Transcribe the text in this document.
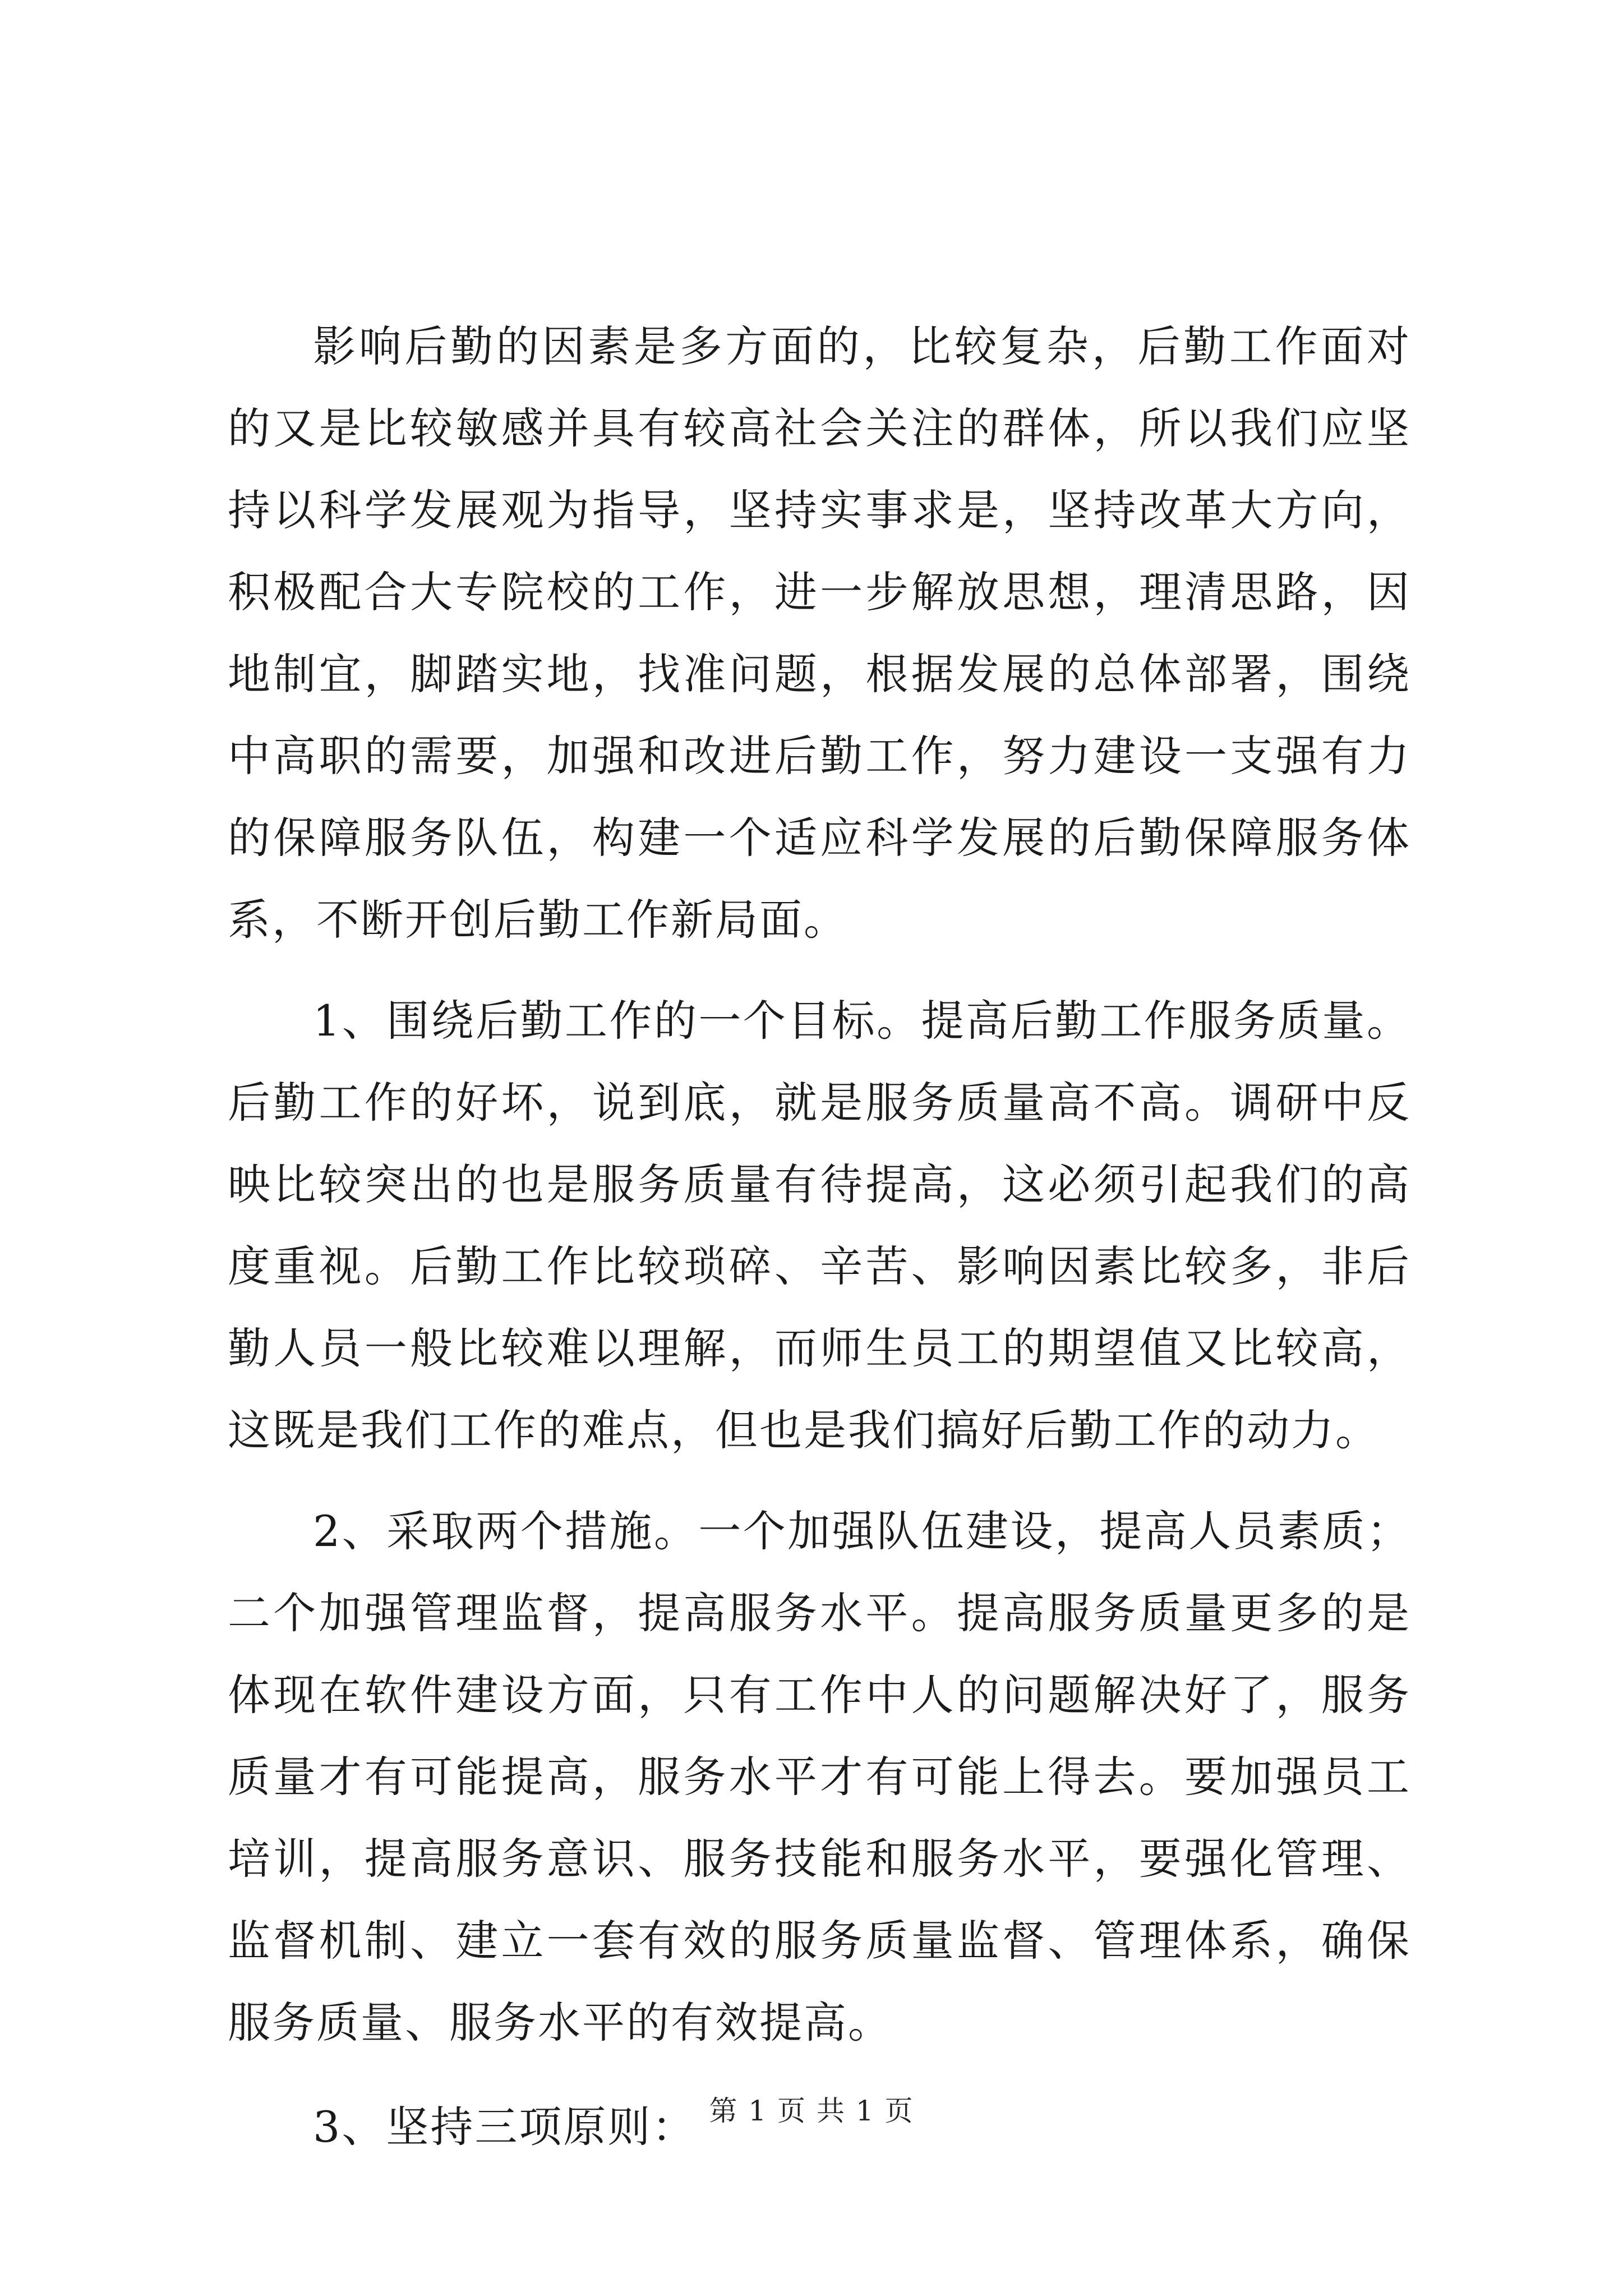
影响后勤的因素是多方面的，比较复杂，后勤工作面对的又是比较敏感并具有较高社会关注的群体，所以我们应坚持以科学发展观为指导，坚持实事求是，坚持改革大方向，积极配合大专院校的工作，进一步解放思想，理清思路，因地制宜，脚踏实地，找准问题，根据发展的总体部署，围绕中高职的需要，加强和改进后勤工作，努力建设一支强有力的保障服务队伍，构建一个适应科学发展的后勤保障服务体系，不断开创后勤工作新局面。

1、围绕后勤工作的一个目标。提高后勤工作服务质量。后勤工作的好坏，说到底，就是服务质量高不高。调研中反映比较突出的也是服务质量有待提高，这必须引起我们的高度重视。后勤工作比较琐碎、辛苦、影响因素比较多，非后勤人员一般比较难以理解，而师生员工的期望值又比较高，这既是我们工作的难点，但也是我们搞好后勤工作的动力。

2、采取两个措施。一个加强队伍建设，提高人员素质；二个加强管理监督，提高服务水平。提高服务质量更多的是体现在软件建设方面，只有工作中人的问题解决好了，服务质量才有可能提高，服务水平才有可能上得去。要加强员工培训，提高服务意识、服务技能和服务水平，要强化管理、监督机制、建立一套有效的服务质量监督、管理体系，确保服务质量、服务水平的有效提高。

3、坚持三项原则： 第 1 页 共 1 页
